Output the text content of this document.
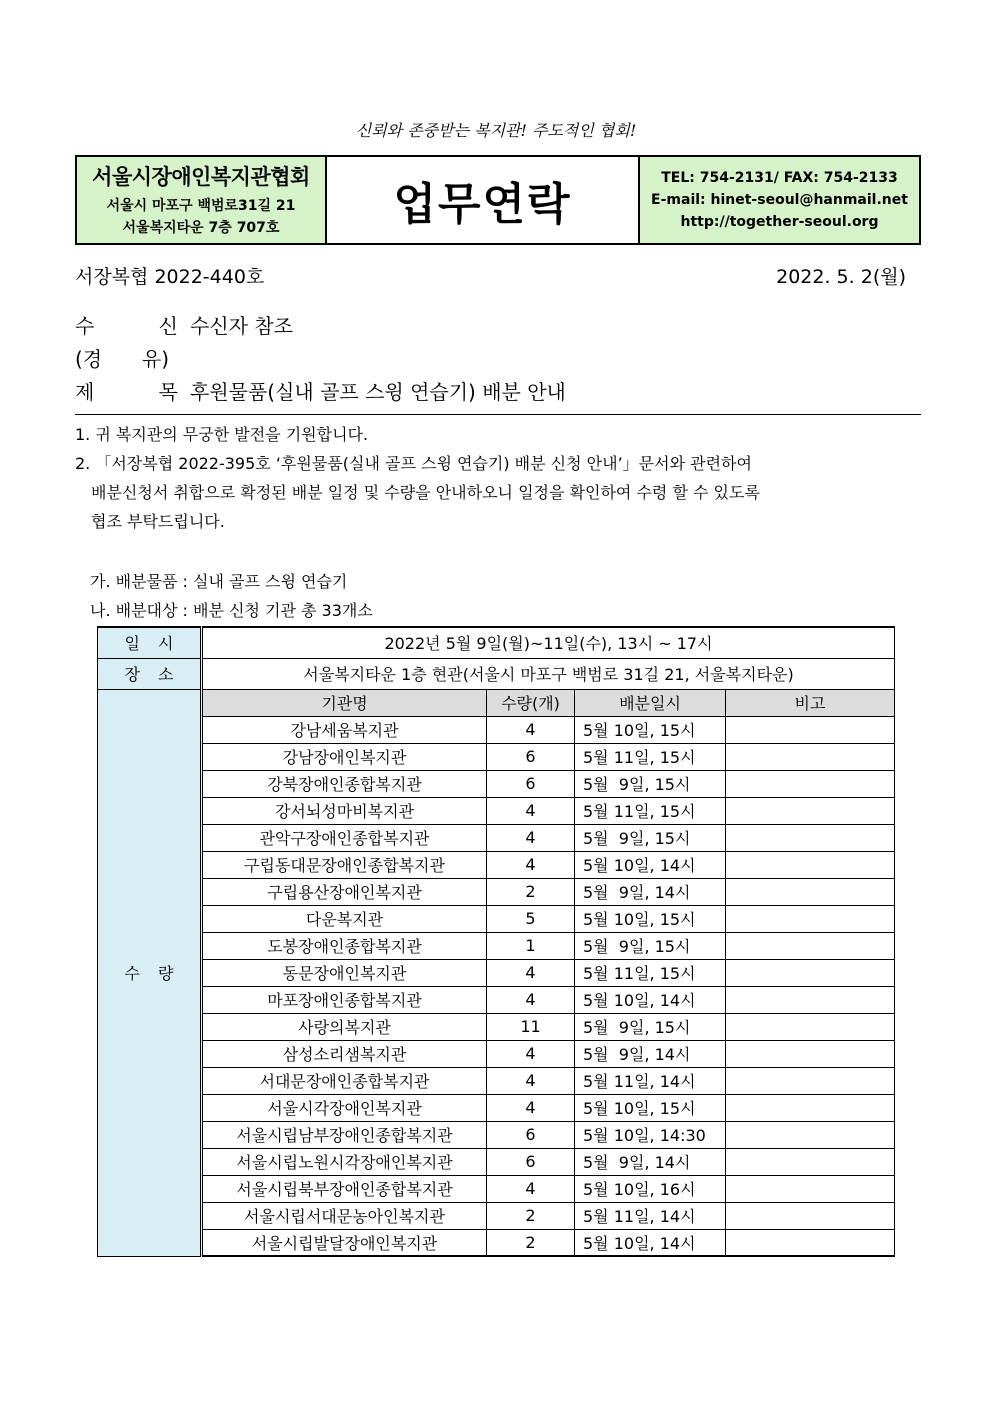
신뢰와 존중받는 복지관! 주도적인 협회!
서울시장애인복지관협회
서울시 마포구 백범로31길 21
서울복지타운 7층 707호	업무연락
TEL: 754-2131/ FAX: 754-2133
E-mail: hinet-seoul@hanmail.net
http://together-seoul.org
서장복협 2022-440호	2022. 5. 2(월)
수	신 수신자 참조
(경 유)
제	목 후원물품(실내 골프 스윙 연습기) 배분 안내
1. 귀 복지관의 무궁한 발전을 기원합니다.
2. 「서장복협 2022-395호 ‘후원물품(실내 골프 스윙 연습기) 배분 신청 안내’」문서와 관련하여
배분신청서 취합으로 확정된 배분 일정 및 수량을 안내하오니 일정을 확인하여 수령 할 수 있도록
협조 부탁드립니다.
가. 배분물품 : 실내 골프 스윙 연습기
나. 배분대상 : 배분 신청 기관 총 33개소
일시	2022년 5월 9일(월)~11일(수), 13시 ~ 17시			
장소	서울복지타운 1층 현관(서울시 마포구 백범로 31길 21, 서울복지타운)			
수량	기관명	수량(개)	배분일시	비고
	강남세움복지관	4	5월 10일, 15시	
	강남장애인복지관	6	5월 11일, 15시	
	강북장애인종합복지관	6	5월  9일, 15시	
	강서뇌성마비복지관	4	5월 11일, 15시	
	관악구장애인종합복지관	4	5월  9일, 15시	
	구립동대문장애인종합복지관	4	5월 10일, 14시	
	구립용산장애인복지관	2	5월  9일, 14시	
	다운복지관	5	5월 10일, 15시	
	도봉장애인종합복지관	1	5월  9일, 15시	
	동문장애인복지관	4	5월 11일, 15시	
	마포장애인종합복지관	4	5월 10일, 14시	
	사랑의복지관	11	5월  9일, 15시	
	삼성소리샘복지관	4	5월  9일, 14시	
	서대문장애인종합복지관	4	5월 11일, 14시	
	서울시각장애인복지관	4	5월 10일, 15시	
	서울시립남부장애인종합복지관	6	5월 10일, 14:30	
	서울시립노원시각장애인복지관	6	5월  9일, 14시	
	서울시립북부장애인종합복지관	4	5월 10일, 16시	
	서울시립서대문농아인복지관	2	5월 11일, 14시	
	서울시립발달장애인복지관	2	5월 10일, 14시	
